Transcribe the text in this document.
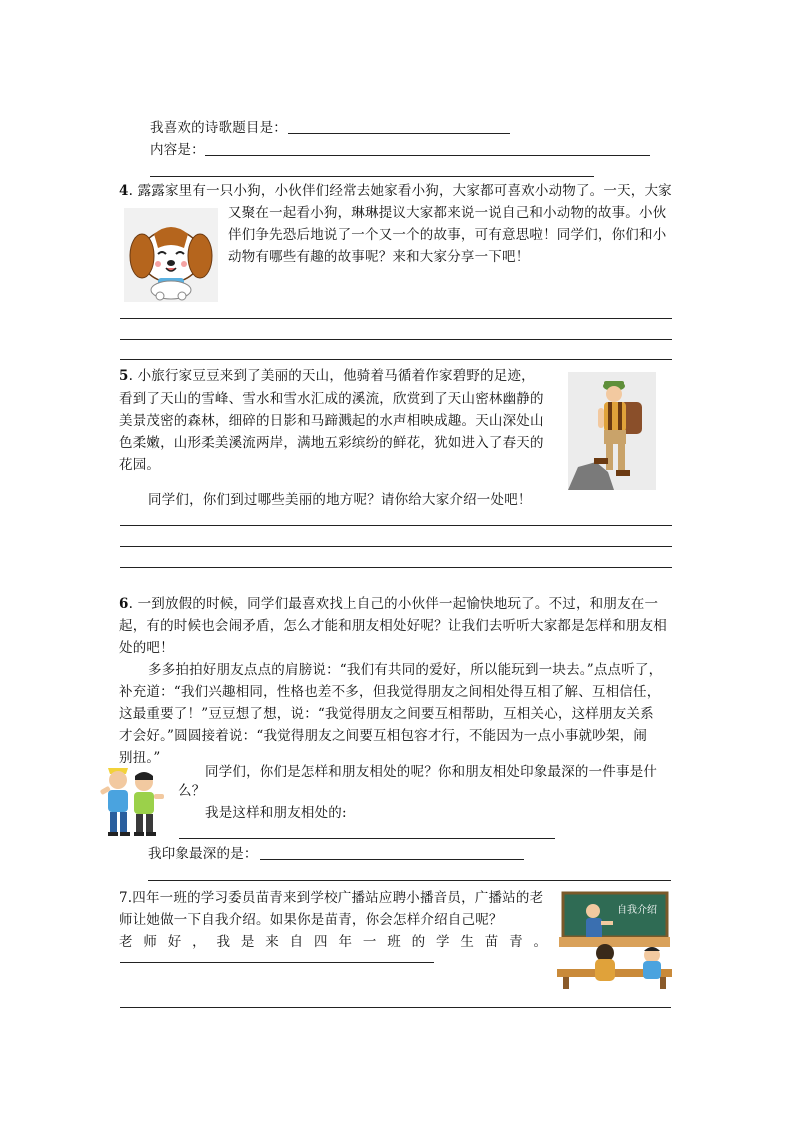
我喜欢的诗歌题目是：
内容是：
4. 露露家里有一只小狗，小伙伴们经常去她家看小狗，大家都可喜欢小动物了。一天，大家
又聚在一起看小狗，琳琳提议大家都来说一说自己和小动物的故事。小伙
伴们争先恐后地说了一个又一个的故事，可有意思啦！同学们，你们和小
动物有哪些有趣的故事呢？来和大家分享一下吧！
5. 小旅行家豆豆来到了美丽的天山，他骑着马循着作家碧野的足迹，
看到了天山的雪峰、雪水和雪水汇成的溪流，欣赏到了天山密林幽静的
美景茂密的森林，细碎的日影和马蹄溅起的水声相映成趣。天山深处山
色柔嫩，山形柔美溪流两岸，满地五彩缤纷的鲜花，犹如进入了春天的
花园。
同学们，你们到过哪些美丽的地方呢？请你给大家介绍一处吧！
6. 一到放假的时候，同学们最喜欢找上自己的小伙伴一起愉快地玩了。不过，和朋友在一
起，有的时候也会闹矛盾，怎么才能和朋友相处好呢？让我们去听听大家都是怎样和朋友相
处的吧！
多多拍拍好朋友点点的肩膀说：“我们有共同的爱好，所以能玩到一块去。”点点听了，
补充道：“我们兴趣相同，性格也差不多，但我觉得朋友之间相处得互相了解、互相信任，
这最重要了！”豆豆想了想，说：“我觉得朋友之间要互相帮助，互相关心，这样朋友关系
才会好。”圆圆接着说：“我觉得朋友之间要互相包容才行，不能因为一点小事就吵架，闹
别扭。”
同学们，你们是怎样和朋友相处的呢？你和朋友相处印象最深的一件事是什
么？
我是这样和朋友相处的:
我印象最深的是：
7.四年一班的学习委员苗青来到学校广播站应聘小播音员，广播站的老
师让她做一下自我介绍。如果你是苗青，你会怎样介绍自己呢？
老师好，我是来自四年一班的学生苗青。
自我介绍
